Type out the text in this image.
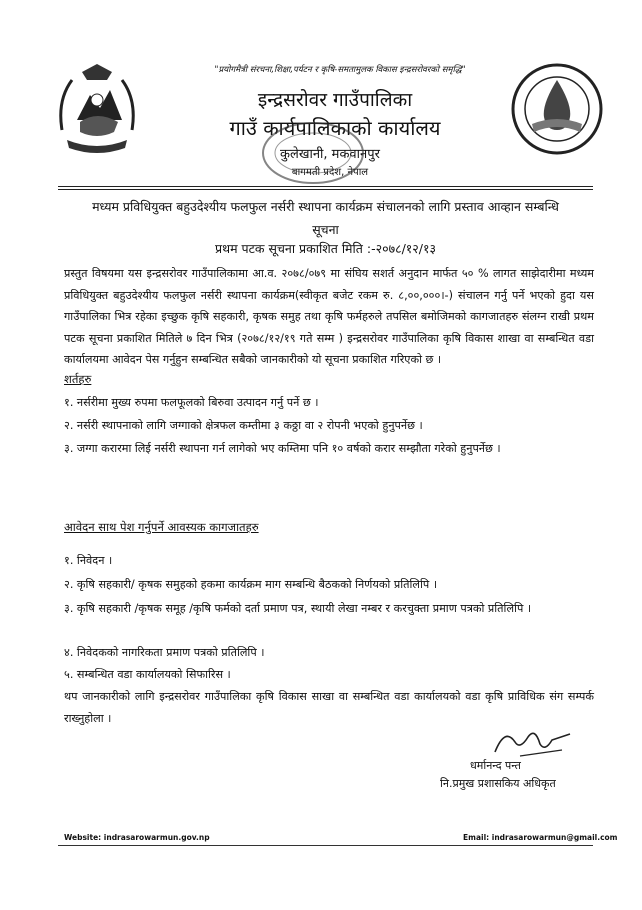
"प्रयोगमैत्री संरचना,शिक्षा,पर्यटन र कृषि-समतामुलक विकास इन्द्रसरोवरको समृद्धि"
इन्द्रसरोवर गाउँपालिका
गाउँ कार्यपालिकाको कार्यालय
कुलेखानी, मकवानपुर
बागमती प्रदेश, नेपाल
मध्यम प्रविधियुक्त बहुउदेश्यीय फलफुल नर्सरी स्थापना कार्यक्रम संचालनको लागि प्रस्ताव आव्हान सम्बन्धि
सूचना
प्रथम पटक सूचना प्रकाशित मिति :-२०७८/१२/१३
प्रस्तुत विषयमा यस इन्द्रसरोवर गाउँपालिकामा आ.व. २०७८/०७९ मा संघिय सशर्त अनुदान मार्फत ५० % लागत साझेदारीमा मध्यम प्रविधियुक्त बहुउदेश्यीय फलफुल नर्सरी स्थापना कार्यक्रम(स्वीकृत बजेट रकम रु. ८,००,०००।-) संचालन गर्नु पर्ने भएको हुदा यस गाउँपालिका भित्र रहेका इच्छुक कृषि सहकारी, कृषक समुह तथा कृषि फर्महरुले तपसिल बमोजिमको कागजातहरु संलग्न राखी प्रथम पटक सूचना प्रकाशित मितिले ७ दिन भित्र (२०७८/१२/१९ गते सम्म ) इन्द्रसरोवर गाउँपालिका कृषि विकास शाखा वा सम्बन्धित वडा कार्यालयमा आवेदन पेस गर्नुहुन सम्बन्धित सबैको जानकारीको यो सूचना प्रकाशित गरिएको छ ।
शर्तहरु
१. नर्सरीमा मुख्य रुपमा फलफूलको बिरुवा उत्पादन गर्नु पर्ने छ ।
२. नर्सरी स्थापनाको लागि जग्गाको क्षेत्रफल कम्तीमा ३ कठ्ठा वा २ रोपनी भएको हुनुपर्नेछ ।
३. जग्गा करारमा लिई नर्सरी स्थापना गर्न लागेको भए कम्तिमा पनि १० वर्षको करार सम्झौता गरेको हुनुपर्नेछ ।
आवेदन साथ पेश गर्नुपर्ने आवस्यक कागजातहरु
१. निवेदन ।
२. कृषि सहकारी/ कृषक समुहको हकमा कार्यक्रम माग सम्बन्धि बैठकको निर्णयको प्रतिलिपि ।
३. कृषि सहकारी /कृषक समूह /कृषि फर्मको दर्ता प्रमाण पत्र, स्थायी लेखा नम्बर र करचुक्ता प्रमाण पत्रको प्रतिलिपि ।
४. निवेदकको नागरिकता प्रमाण पत्रको प्रतिलिपि ।
५. सम्बन्धित वडा कार्यालयको सिफारिस ।
थप जानकारीको लागि इन्द्रसरोवर गाउँपालिका कृषि विकास साखा वा सम्बन्धित वडा कार्यालयको वडा कृषि प्राविधिक संग सम्पर्क राख्नुहोला ।
धर्मानन्द पन्त
नि.प्रमुख प्रशासकिय अधिकृत
Website: indrasarowarmun.gov.np	Email: indrasarowarmun@gmail.com
